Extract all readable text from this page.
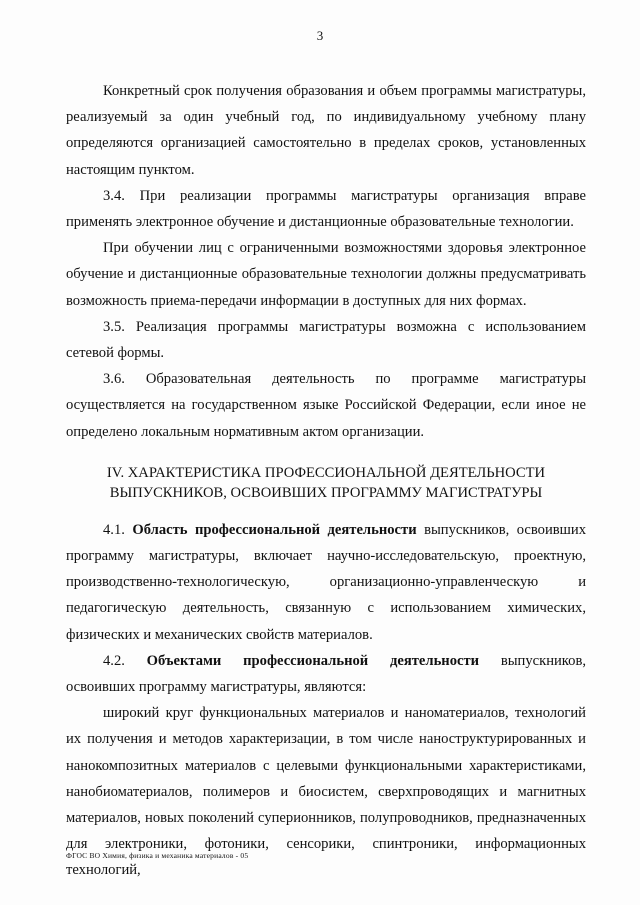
3

Конкретный срок получения образования и объем программы магистратуры, реализуемый за один учебный год, по индивидуальному учебному плану определяются организацией самостоятельно в пределах сроков, установленных настоящим пунктом.

3.4. При реализации программы магистратуры организация вправе применять электронное обучение и дистанционные образовательные технологии.

При обучении лиц с ограниченными возможностями здоровья электронное обучение и дистанционные образовательные технологии должны предусматривать возможность приема-передачи информации в доступных для них формах.

3.5. Реализация программы магистратуры возможна с использованием сетевой формы.

3.6. Образовательная деятельность по программе магистратуры осуществляется на государственном языке Российской Федерации, если иное не определено локальным нормативным актом организации.

IV. ХАРАКТЕРИСТИКА ПРОФЕССИОНАЛЬНОЙ ДЕЯТЕЛЬНОСТИ
ВЫПУСКНИКОВ, ОСВОИВШИХ ПРОГРАММУ МАГИСТРАТУРЫ

4.1. Область профессиональной деятельности выпускников, освоивших программу магистратуры, включает научно-исследовательскую, проектную, производственно-технологическую, организационно-управленческую и педагогическую деятельность, связанную с использованием химических, физических и механических свойств материалов.

4.2. Объектами профессиональной деятельности выпускников, освоивших программу магистратуры, являются:

широкий круг функциональных материалов и наноматериалов, технологий их получения и методов характеризации, в том числе наноструктурированных и нанокомпозитных материалов с целевыми функциональными характеристиками, нанобиоматериалов, полимеров и биосистем, сверхпроводящих и магнитных материалов, новых поколений суперионников, полупроводников, предназначенных для электроники, фотоники, сенсорики, спинтроники, информационных технологий,

ФГОС ВО Химия, физика и механика материалов - 05
